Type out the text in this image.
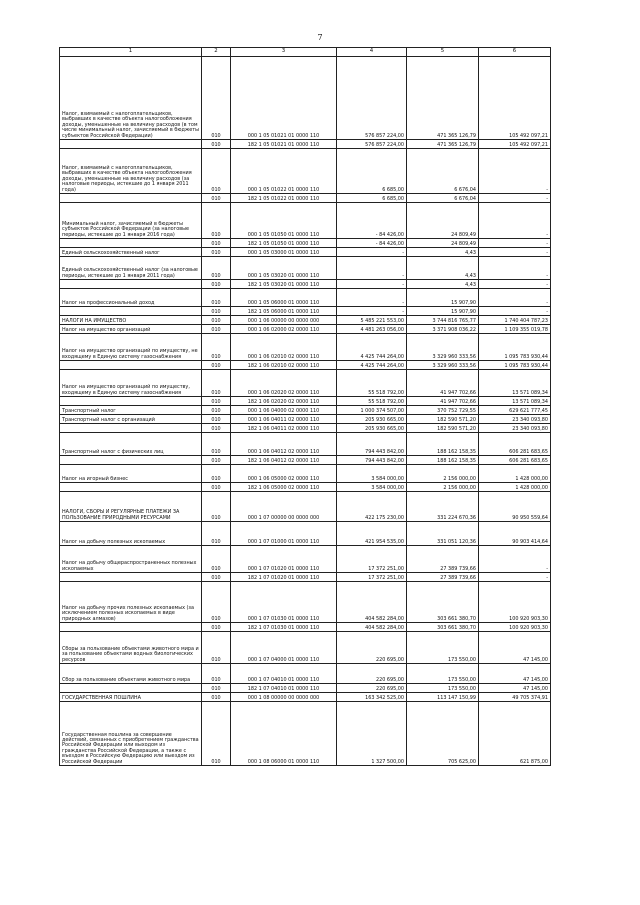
7
1	2	3	4	5	6
Налог, взимаемый с налогоплательщиков, выбравших в качестве объекта налогообложения доходы, уменьшенные на величину расходов (в том числе минимальный налог, зачисляемый в бюджеты субъектов Российской Федерации)	010	000 1 05 01021 01 0000 110	576 857 224,00	471 365 126,79	105 492 097,21
	010	182 1 05 01021 01 0000 110	576 857 224,00	471 365 126,79	105 492 097,21
Налог, взимаемый с налогоплательщиков, выбравших в качестве объекта налогообложения доходы, уменьшенные на величину расходов (за налоговые периоды, истекшие до 1 января 2011 года)	010	000 1 05 01022 01 0000 110	6 685,00	6 676,04	-
	010	182 1 05 01022 01 0000 110	6 685,00	6 676,04	-
Минимальный налог, зачисляемый в бюджеты субъектов Российской Федерации (за налоговые периоды, истекшие до 1 января 2016 года)	010	000 1 05 01050 01 0000 110	- 84 426,00	24 809,49	-
	010	182 1 05 01050 01 0000 110	- 84 426,00	24 809,49	-
Единый сельскохозяйственный налог	010	000 1 05 03000 01 0000 110	-	4,43	-
Единый сельскохозяйственный налог (за налоговые периоды, истекшие до 1 января 2011 года)	010	000 1 05 03020 01 0000 110	-	4,43	-
	010	182 1 05 03020 01 0000 110	-	4,43	-
Налог на профессиональный доход	010	000 1 05 06000 01 0000 110	-	15 907,90	-
	010	182 1 05 06000 01 0000 110	-	15 907,90	-
НАЛОГИ НА ИМУЩЕСТВО	010	000 1 06 00000 00 0000 000	5 485 221 553,00	3 744 816 765,77	1 740 404 787,23
Налог на имущество организаций	010	000 1 06 02000 02 0000 110	4 481 263 056,00	3 371 908 036,22	1 109 355 019,78
Налог на имущество организаций по имуществу, не входящему в Единую систему газоснабжения	010	000 1 06 02010 02 0000 110	4 425 744 264,00	3 329 960 333,56	1 095 783 930,44
	010	182 1 06 02010 02 0000 110	4 425 744 264,00	3 329 960 333,56	1 095 783 930,44
Налог на имущество организаций по имуществу, входящему в Единую систему газоснабжения	010	000 1 06 02020 02 0000 110	55 518 792,00	41 947 702,66	13 571 089,34
	010	182 1 06 02020 02 0000 110	55 518 792,00	41 947 702,66	13 571 089,34
Транспортный налог	010	000 1 06 04000 02 0000 110	1 000 374 507,00	370 752 729,55	629 621 777,45
Транспортный налог с организаций	010	000 1 06 04011 02 0000 110	205 930 665,00	182 590 571,20	23 340 093,80
	010	182 1 06 04011 02 0000 110	205 930 665,00	182 590 571,20	23 340 093,80
Транспортный налог с физических лиц	010	000 1 06 04012 02 0000 110	794 443 842,00	188 162 158,35	606 281 683,65
	010	182 1 06 04012 02 0000 110	794 443 842,00	188 162 158,35	606 281 683,65
Налог на игорный бизнес	010	000 1 06 05000 02 0000 110	3 584 000,00	2 156 000,00	1 428 000,00
	010	182 1 06 05000 02 0000 110	3 584 000,00	2 156 000,00	1 428 000,00
НАЛОГИ, СБОРЫ И РЕГУЛЯРНЫЕ ПЛАТЕЖИ ЗА ПОЛЬЗОВАНИЕ ПРИРОДНЫМИ РЕСУРСАМИ	010	000 1 07 00000 00 0000 000	422 175 230,00	331 224 670,36	90 950 559,64
Налог на добычу полезных ископаемых	010	000 1 07 01000 01 0000 110	421 954 535,00	331 051 120,36	90 903 414,64
Налог на добычу общераспространенных полезных ископаемых	010	000 1 07 01020 01 0000 110	17 372 251,00	27 389 739,66	-
	010	182 1 07 01020 01 0000 110	17 372 251,00	27 389 739,66	-
Налог на добычу прочих полезных ископаемых (за исключением полезных ископаемых в виде природных алмазов)	010	000 1 07 01030 01 0000 110	404 582 284,00	303 661 380,70	100 920 903,30
	010	182 1 07 01030 01 0000 110	404 582 284,00	303 661 380,70	100 920 903,30
Сборы за пользование объектами животного мира и за пользование объектами водных биологических ресурсов	010	000 1 07 04000 01 0000 110	220 695,00	173 550,00	47 145,00
Сбор за пользование объектами животного мира	010	000 1 07 04010 01 0000 110	220 695,00	173 550,00	47 145,00
	010	182 1 07 04010 01 0000 110	220 695,00	173 550,00	47 145,00
ГОСУДАРСТВЕННАЯ ПОШЛИНА	010	000 1 08 00000 00 0000 000	163 342 525,00	113 147 150,99	49 705 374,91
Государственная пошлина за совершение действий, связанных с приобретением гражданства Российской Федерации или выходом из гражданства Российской Федерации, а также с въездом в Российскую Федерацию или выездом из Российской Федерации	010	000 1 08 06000 01 0000 110	1 327 500,00	705 625,00	621 875,00
